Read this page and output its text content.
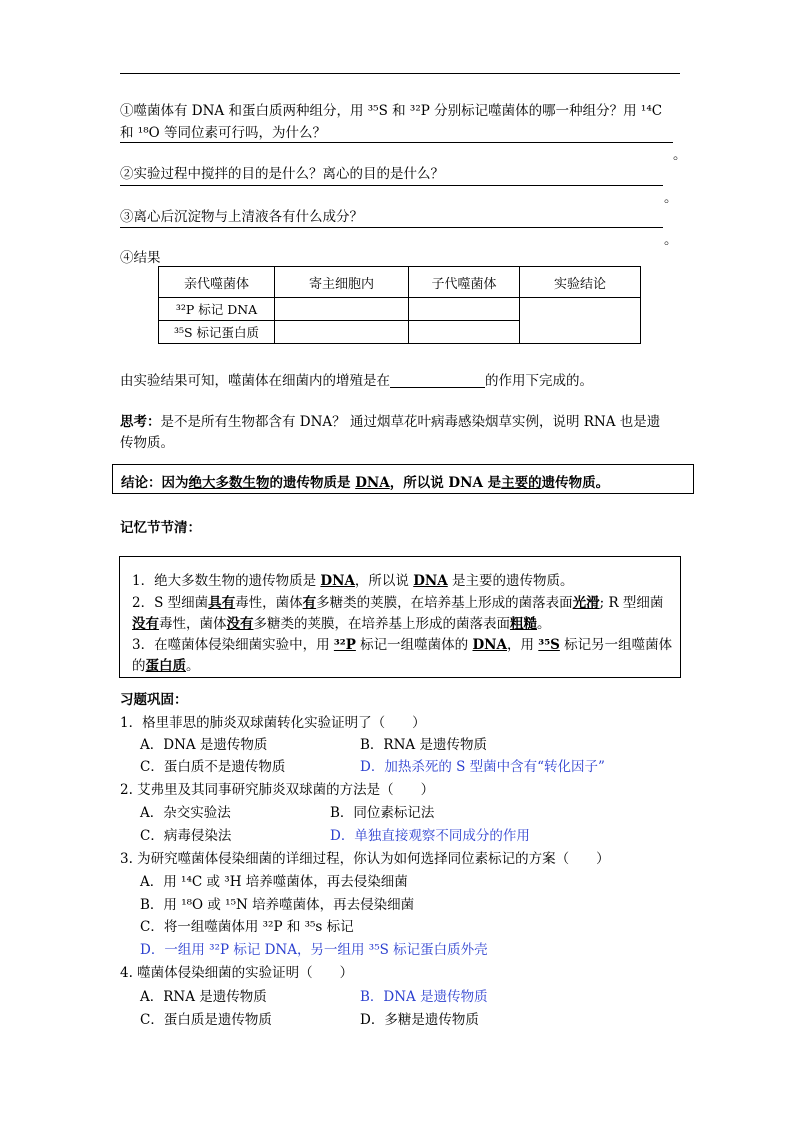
①噬菌体有 DNA 和蛋白质两种组分，用 ³⁵S 和 ³²P 分别标记噬菌体的哪一种组分？用 ¹⁴C
和 ¹⁸O 等同位素可行吗，为什么？
。
②实验过程中搅拌的目的是什么？离心的目的是什么？
。
③离心后沉淀物与上清液各有什么成分？
。
④结果
亲代噬菌体	寄主细胞内	子代噬菌体	实验结论
³²P 标记 DNA			
³⁵S 标记蛋白质			
由实验结果可知，噬菌体在细菌内的增殖是在	的作用下完成的。
思考：是不是所有生物都含有 DNA？ 通过烟草花叶病毒感染烟草实例，说明 RNA 也是遗
传物质。
结论：因为绝大多数生物的遗传物质是 DNA，所以说 DNA 是主要的遗传物质。
记忆节节清：
1．绝大多数生物的遗传物质是 DNA，所以说 DNA 是主要的遗传物质。
2．S 型细菌具有毒性，菌体有多糖类的荚膜，在培养基上形成的菌落表面光滑; R 型细菌
没有毒性，菌体没有多糖类的荚膜，在培养基上形成的菌落表面粗糙。
3．在噬菌体侵染细菌实验中，用 ³²P 标记一组噬菌体的 DNA，用 ³⁵S 标记另一组噬菌体
的蛋白质。
习题巩固：
1．格里菲思的肺炎双球菌转化实验证明了（　　）
A．DNA 是遗传物质	B．RNA 是遗传物质
C．蛋白质不是遗传物质	D．加热杀死的 S 型菌中含有“转化因子”
2. 艾弗里及其同事研究肺炎双球菌的方法是（　　）
A．杂交实验法	B．同位素标记法
C．病毒侵染法	D．单独直接观察不同成分的作用
3. 为研究噬菌体侵染细菌的详细过程，你认为如何选择同位素标记的方案（　　）
A．用 ¹⁴C 或 ³H 培养噬菌体，再去侵染细菌
B．用 ¹⁸O 或 ¹⁵N 培养噬菌体，再去侵染细菌
C．将一组噬菌体用 ³²P 和 ³⁵s 标记
D．一组用 ³²P 标记 DNA，另一组用 ³⁵S 标记蛋白质外壳
4. 噬菌体侵染细菌的实验证明（　　）
A．RNA 是遗传物质	B．DNA 是遗传物质
C．蛋白质是遗传物质	D．多糖是遗传物质
